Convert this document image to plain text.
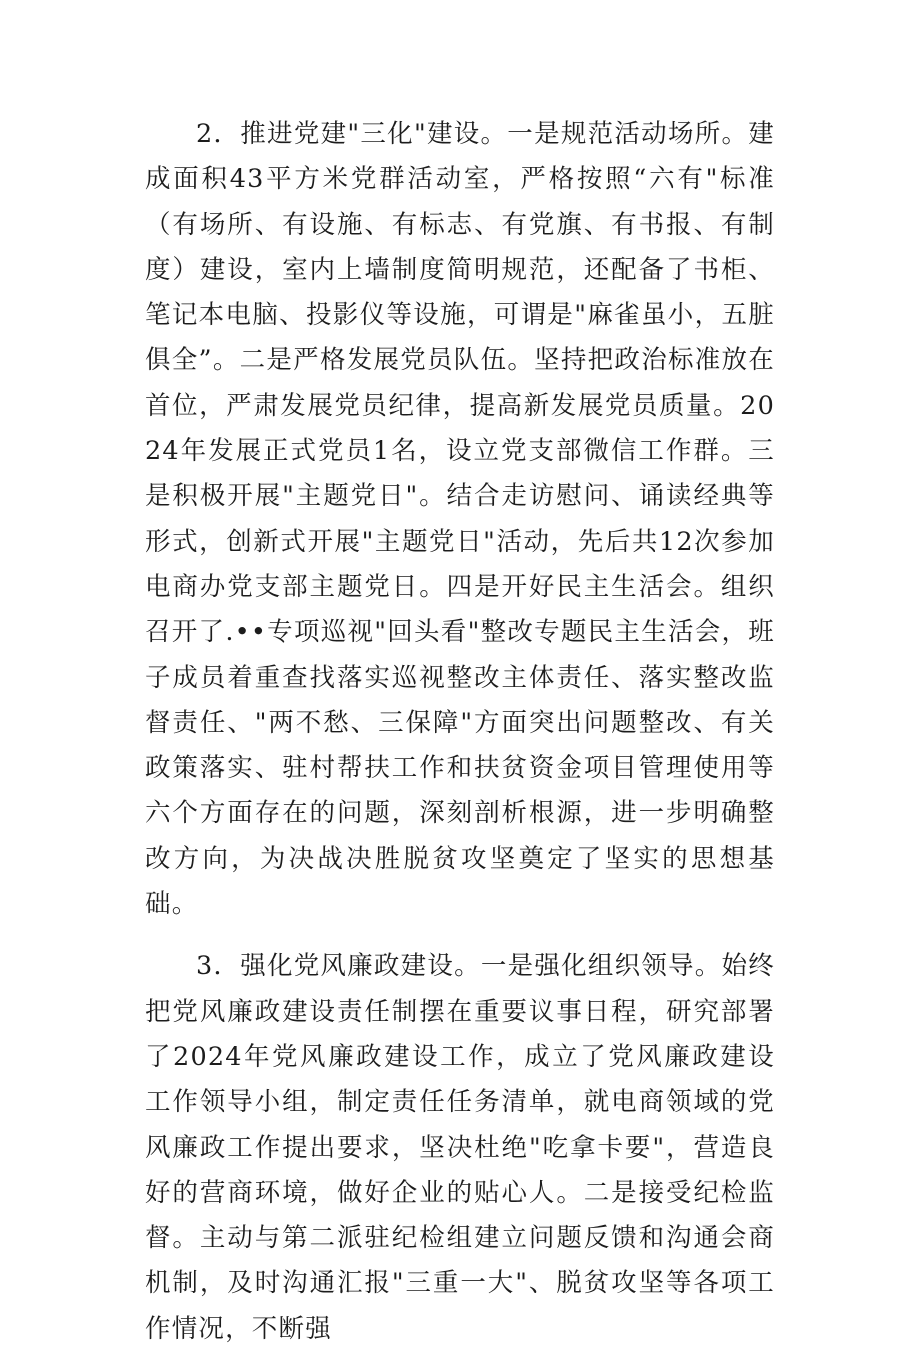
2．推进党建"三化"建设。一是规范活动场所。建成面积43平方米党群活动室，严格按照“六有"标准（有场所、有设施、有标志、有党旗、有书报、有制度）建设，室内上墙制度简明规范，还配备了书柜、笔记本电脑、投影仪等设施，可谓是"麻雀虽小，五脏俱全”。二是严格发展党员队伍。坚持把政治标准放在首位，严肃发展党员纪律，提高新发展党员质量。2024年发展正式党员1名，设立党支部微信工作群。三是积极开展"主题党日"。结合走访慰问、诵读经典等形式，创新式开展"主题党日"活动，先后共12次参加电商办党支部主题党日。四是开好民主生活会。组织召开了.••专项巡视"回头看"整改专题民主生活会，班子成员着重查找落实巡视整改主体责任、落实整改监督责任、"两不愁、三保障"方面突出问题整改、有关政策落实、驻村帮扶工作和扶贫资金项目管理使用等六个方面存在的问题，深刻剖析根源，进一步明确整改方向，为决战决胜脱贫攻坚奠定了坚实的思想基础。

3．强化党风廉政建设。一是强化组织领导。始终把党风廉政建设责任制摆在重要议事日程，研究部署了2024年党风廉政建设工作，成立了党风廉政建设工作领导小组，制定责任任务清单，就电商领域的党风廉政工作提出要求，坚决杜绝"吃拿卡要"，营造良好的营商环境，做好企业的贴心人。二是接受纪检监督。主动与第二派驻纪检组建立问题反馈和沟通会商机制，及时沟通汇报"三重一大"、脱贫攻坚等各项工作情况，不断强
